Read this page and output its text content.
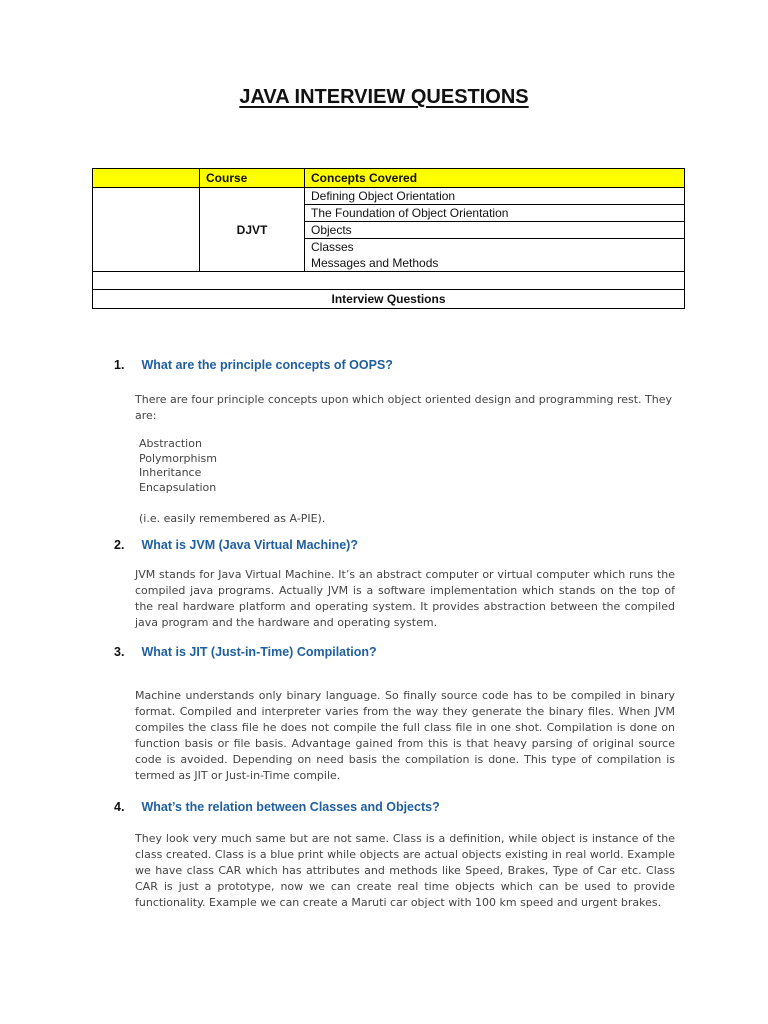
JAVA INTERVIEW QUESTIONS
	Course	Concepts Covered
	DJVT	Defining Object Orientation
		The Foundation of Object Orientation
		Objects
		Classes
		Messages and Methods

Interview Questions		
1. What are the principle concepts of OOPS?
There are four principle concepts upon which object oriented design and programming rest. They are:
Abstraction
Polymorphism
Inheritance
Encapsulation
(i.e. easily remembered as A-PIE).
2. What is JVM (Java Virtual Machine)?
JVM stands for Java Virtual Machine. It’s an abstract computer or virtual computer which runs the compiled java programs. Actually JVM is a software implementation which stands on the top of the real hardware platform and operating system. It provides abstraction between the compiled java program and the hardware and operating system.
3. What is JIT (Just-in-Time) Compilation?
Machine understands only binary language. So finally source code has to be compiled in binary format. Compiled and interpreter varies from the way they generate the binary files. When JVM compiles the class file he does not compile the full class file in one shot. Compilation is done on function basis or file basis. Advantage gained from this is that heavy parsing of original source code is avoided. Depending on need basis the compilation is done. This type of compilation is termed as JIT or Just-in-Time compile.
4. What’s the relation between Classes and Objects?
They look very much same but are not same. Class is a definition, while object is instance of the class created. Class is a blue print while objects are actual objects existing in real world. Example we have class CAR which has attributes and methods like Speed, Brakes, Type of Car etc. Class CAR is just a prototype, now we can create real time objects which can be used to provide functionality. Example we can create a Maruti car object with 100 km speed and urgent brakes.
